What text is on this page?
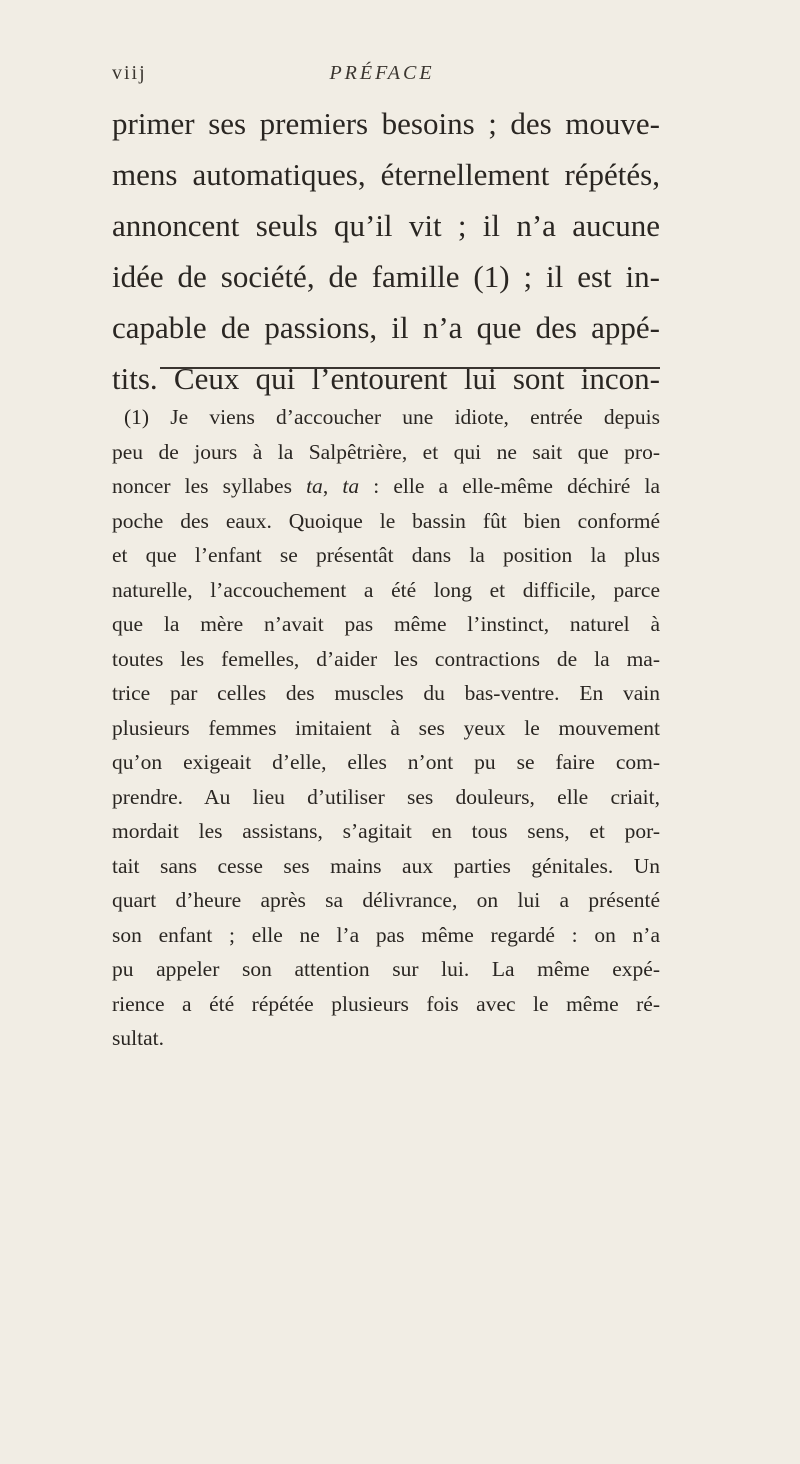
viij	PRÉFACE
primer ses premiers besoins ; des mouve-
mens automatiques, éternellement répétés,
annoncent seuls qu’il vit ; il n’a aucune
idée de société, de famille (1) ; il est in-
capable de passions, il n’a que des appé-
tits. Ceux qui l’entourent lui sont incon-
(1) Je viens d’accoucher une idiote, entrée depuis
peu de jours à la Salpêtrière, et qui ne sait que pro-
noncer les syllabes ta, ta : elle a elle-même déchiré la
poche des eaux. Quoique le bassin fût bien conformé
et que l’enfant se présentât dans la position la plus
naturelle, l’accouchement a été long et difficile, parce
que la mère n’avait pas même l’instinct, naturel à
toutes les femelles, d’aider les contractions de la ma-
trice par celles des muscles du bas-ventre. En vain
plusieurs femmes imitaient à ses yeux le mouvement
qu’on exigeait d’elle, elles n’ont pu se faire com-
prendre. Au lieu d’utiliser ses douleurs, elle criait,
mordait les assistans, s’agitait en tous sens, et por-
tait sans cesse ses mains aux parties génitales. Un
quart d’heure après sa délivrance, on lui a présenté
son enfant ; elle ne l’a pas même regardé : on n’a
pu appeler son attention sur lui. La même expé-
rience a été répétée plusieurs fois avec le même ré-
sultat.
